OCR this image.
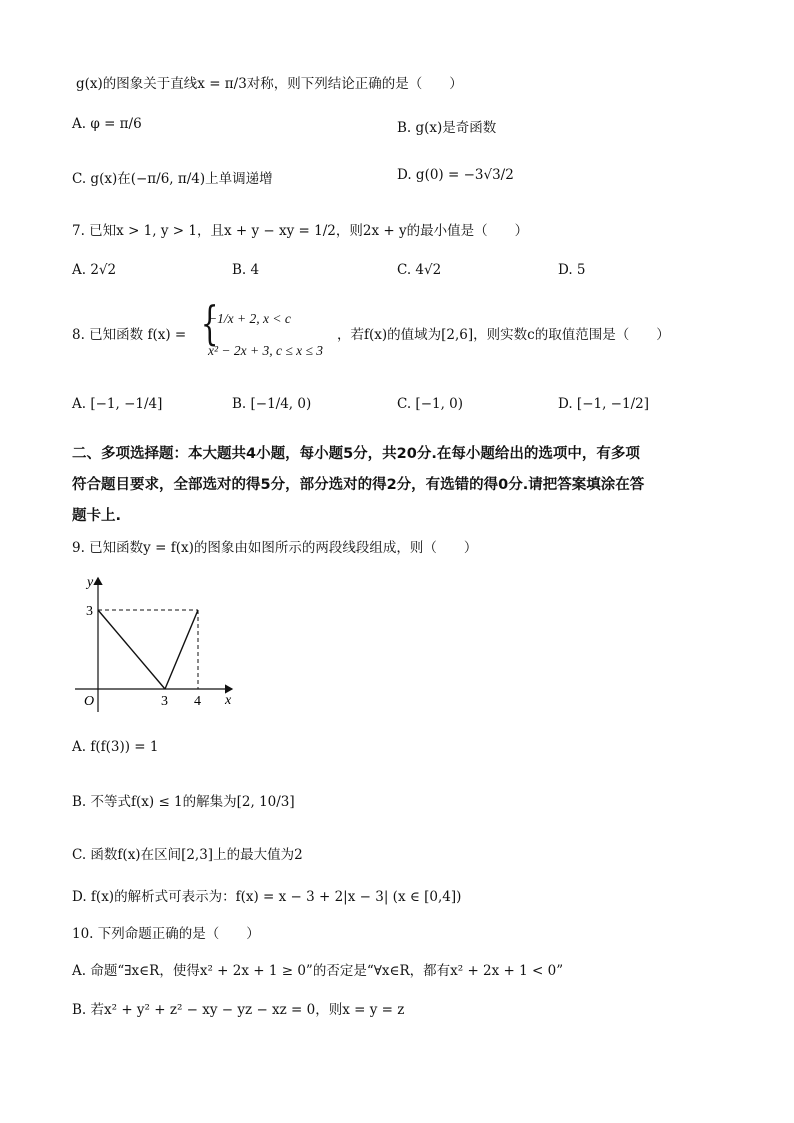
g(x)的图象关于直线x = π/3对称，则下列结论正确的是（　　）
A. φ = π/6	B. g(x)是奇函数
C. g(x)在(−π/6, π/4)上单调递增	D. g(0) = −3√3/2
7. 已知x > 1, y > 1，且x + y − xy = 1/2，则2x + y的最小值是（　　）
A. 2√2	B. 4	C. 4√2	D. 5
8. 已知函数 f(x) = {
−1/x + 2, x < c
x² − 2x + 3, c ≤ x ≤ 3
，若f(x)的值域为[2,6]，则实数c的取值范围是（　　）
A. [−1, −1/4]	B. [−1/4, 0)	C. [−1, 0)	D. [−1, −1/2]
二、多项选择题：本大题共4小题，每小题5分，共20分.在每小题给出的选项中，有多项
符合题目要求，全部选对的得5分，部分选对的得2分，有选错的得0分.请把答案填涂在答
题卡上.
9. 已知函数y = f(x)的图象由如图所示的两段线段组成，则（　　）
y
x
O
3
3 4
A. f(f(3)) = 1
B. 不等式f(x) ≤ 1的解集为[2, 10/3]
C. 函数f(x)在区间[2,3]上的最大值为2
D. f(x)的解析式可表示为：f(x) = x − 3 + 2|x − 3| (x ∈ [0,4])
10. 下列命题正确的是（　　）
A. 命题“∃x∈R，使得x² + 2x + 1 ≥ 0”的否定是“∀x∈R，都有x² + 2x + 1 < 0”
B. 若x² + y² + z² − xy − yz − xz = 0，则x = y = z
